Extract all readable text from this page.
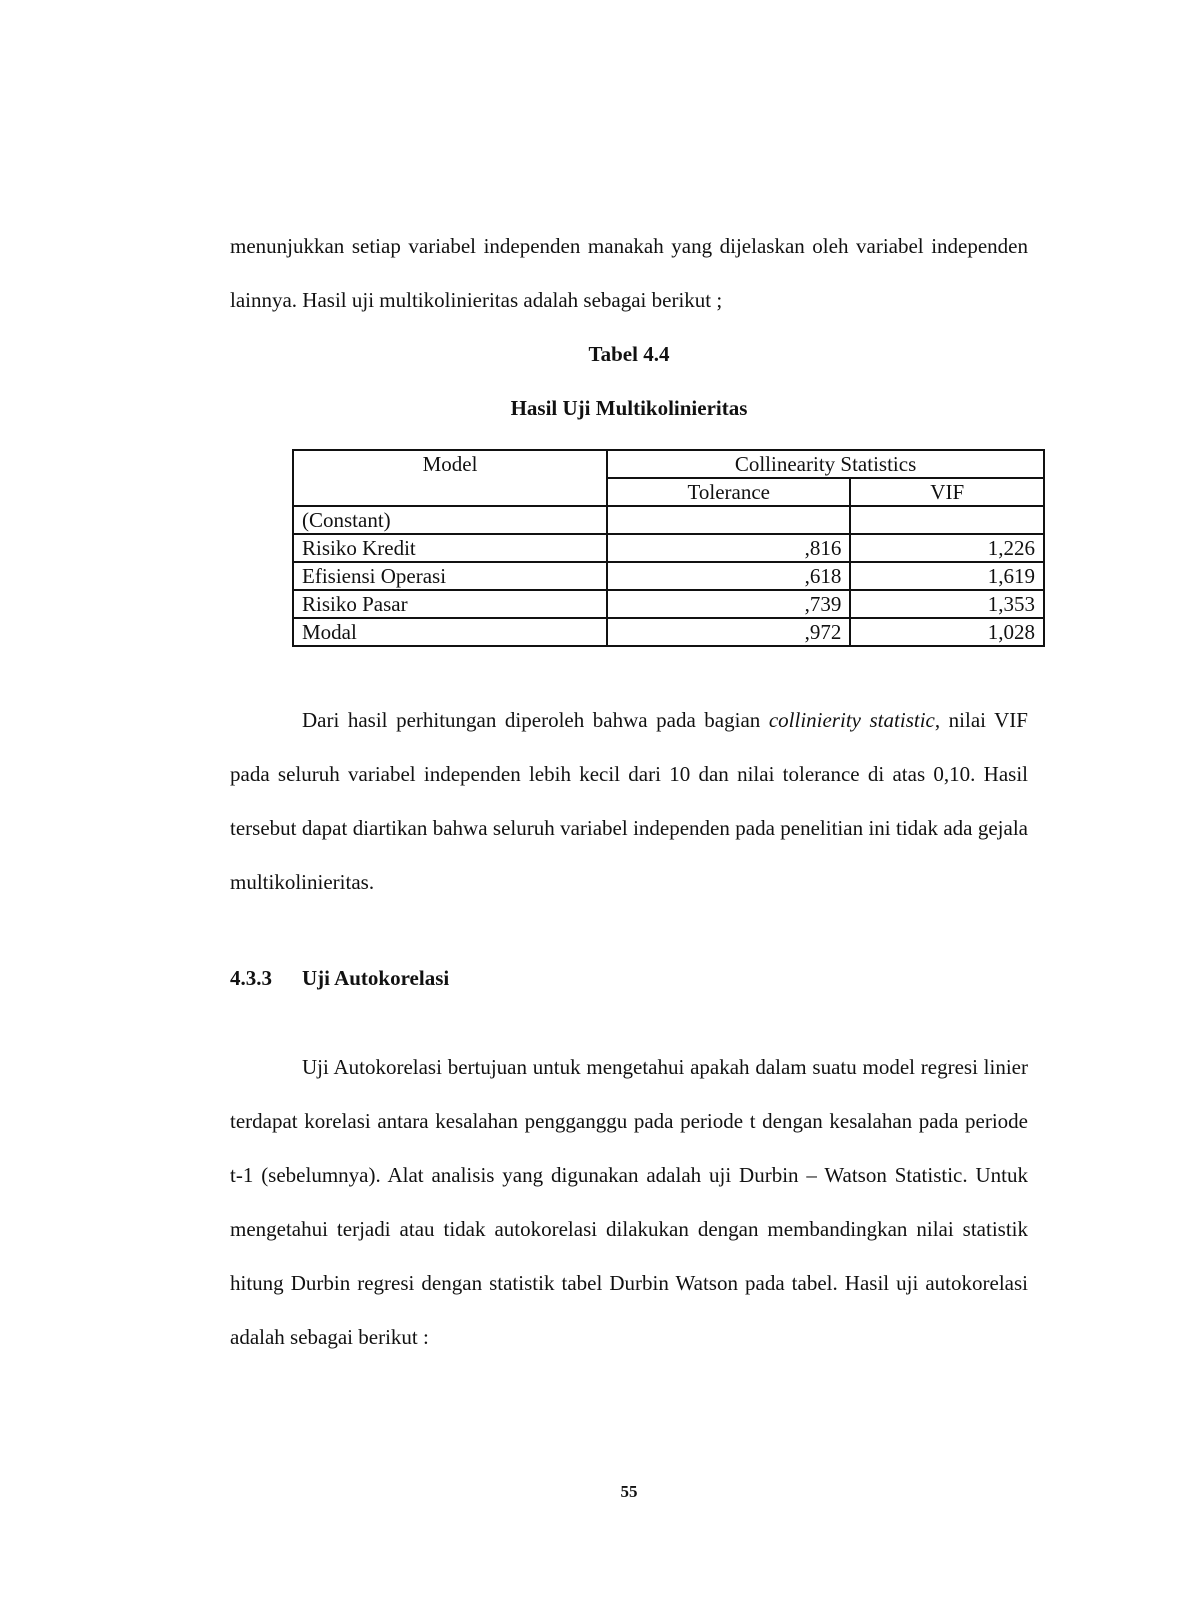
menunjukkan setiap variabel independen manakah yang dijelaskan oleh variabel independen lainnya. Hasil uji multikolinieritas adalah sebagai berikut ;
Tabel 4.4
Hasil Uji Multikolinieritas
Model	Collinearity Statistics	
	Tolerance	VIF
(Constant)		
Risiko Kredit	,816	1,226
Efisiensi Operasi	,618	1,619
Risiko Pasar	,739	1,353
Modal	,972	1,028
Dari hasil perhitungan diperoleh bahwa pada bagian collinierity statistic, nilai VIF pada seluruh variabel independen lebih kecil dari 10 dan nilai tolerance di atas 0,10. Hasil tersebut dapat diartikan bahwa seluruh variabel independen pada penelitian ini tidak ada gejala multikolinieritas.
4.3.3 Uji Autokorelasi
Uji Autokorelasi bertujuan untuk mengetahui apakah dalam suatu model regresi linier terdapat korelasi antara kesalahan pengganggu pada periode t dengan kesalahan pada periode t-1 (sebelumnya). Alat analisis yang digunakan adalah uji Durbin – Watson Statistic. Untuk mengetahui terjadi atau tidak autokorelasi dilakukan dengan membandingkan nilai statistik hitung Durbin regresi dengan statistik tabel Durbin Watson pada tabel. Hasil uji autokorelasi adalah sebagai berikut :
55
